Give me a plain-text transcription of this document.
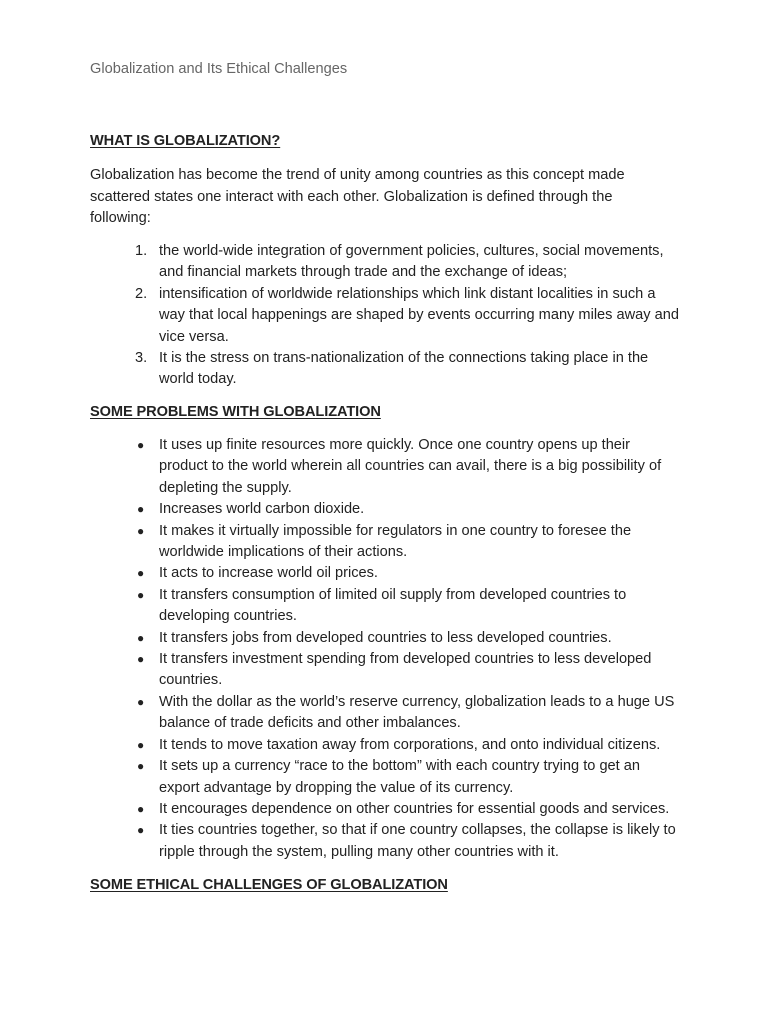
Globalization and Its Ethical Challenges
WHAT IS GLOBALIZATION?
Globalization has become the trend of unity among countries as this concept made scattered states one interact with each other. Globalization is defined through the following:
1. the world-wide integration of government policies, cultures, social movements, and financial markets through trade and the exchange of ideas;
2. intensification of worldwide relationships which link distant localities in such a way that local happenings are shaped by events occurring many miles away and vice versa.
3. It is the stress on trans-nationalization of the connections taking place in the world today.
SOME PROBLEMS WITH GLOBALIZATION
● It uses up finite resources more quickly. Once one country opens up their product to the world wherein all countries can avail, there is a big possibility of depleting the supply.
● Increases world carbon dioxide.
● It makes it virtually impossible for regulators in one country to foresee the worldwide implications of their actions.
● It acts to increase world oil prices.
● It transfers consumption of limited oil supply from developed countries to developing countries.
● It transfers jobs from developed countries to less developed countries.
● It transfers investment spending from developed countries to less developed countries.
● With the dollar as the world’s reserve currency, globalization leads to a huge US balance of trade deficits and other imbalances.
● It tends to move taxation away from corporations, and onto individual citizens.
● It sets up a currency “race to the bottom” with each country trying to get an export advantage by dropping the value of its currency.
● It encourages dependence on other countries for essential goods and services.
● It ties countries together, so that if one country collapses, the collapse is likely to ripple through the system, pulling many other countries with it.
SOME ETHICAL CHALLENGES OF GLOBALIZATION
